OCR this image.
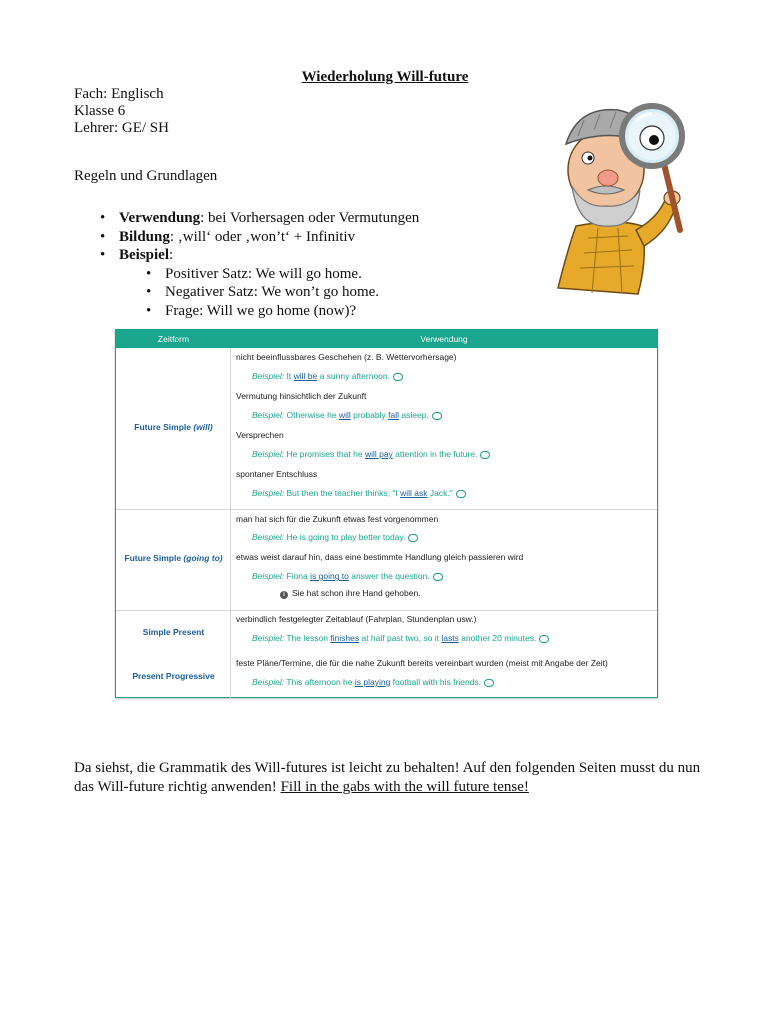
Wiederholung Will-future
Fach: Englisch
Klasse 6
Lehrer: GE/ SH
Regeln und Grundlagen
• Verwendung: bei Vorhersagen oder Vermutungen
• Bildung: ‚will‘ oder ‚won’t‘ + Infinitiv
• Beispiel:
• Positiver Satz: We will go home.
• Negativer Satz: We won’t go home.
• Frage: Will we go home (now)?
Zeitform	Verwendung
Future Simple (will)
Future Simple (going to)
Simple Present
Present Progressive
nicht beeinflussbares Geschehen (z. B. Wettervorhersage)
Beispiel: It will be a sunny afternoon.
Vermutung hinsichtlich der Zukunft
Beispiel: Otherwise he will probably fall asleep.
Versprechen
Beispiel: He promises that he will pay attention in the future.
spontaner Entschluss
Beispiel: But then the teacher thinks, "I will ask Jack."
man hat sich für die Zukunft etwas fest vorgenommen
Beispiel: He is going to play better today.
etwas weist darauf hin, dass eine bestimmte Handlung gleich passieren wird
Beispiel: Fiona is going to answer the question.
i Sie hat schon ihre Hand gehoben.
verbindlich festgelegter Zeitablauf (Fahrplan, Stundenplan usw.)
Beispiel: The lesson finishes at half past two, so it lasts another 20 minutes.
feste Pläne/Termine, die für die nahe Zukunft bereits vereinbart wurden (meist mit Angabe der Zeit)
Beispiel: This afternoon he is playing football with his friends.
Da siehst, die Grammatik des Will-futures ist leicht zu behalten! Auf den folgenden Seiten musst du nun das Will-future richtig anwenden! Fill in the gabs with the will future tense!
